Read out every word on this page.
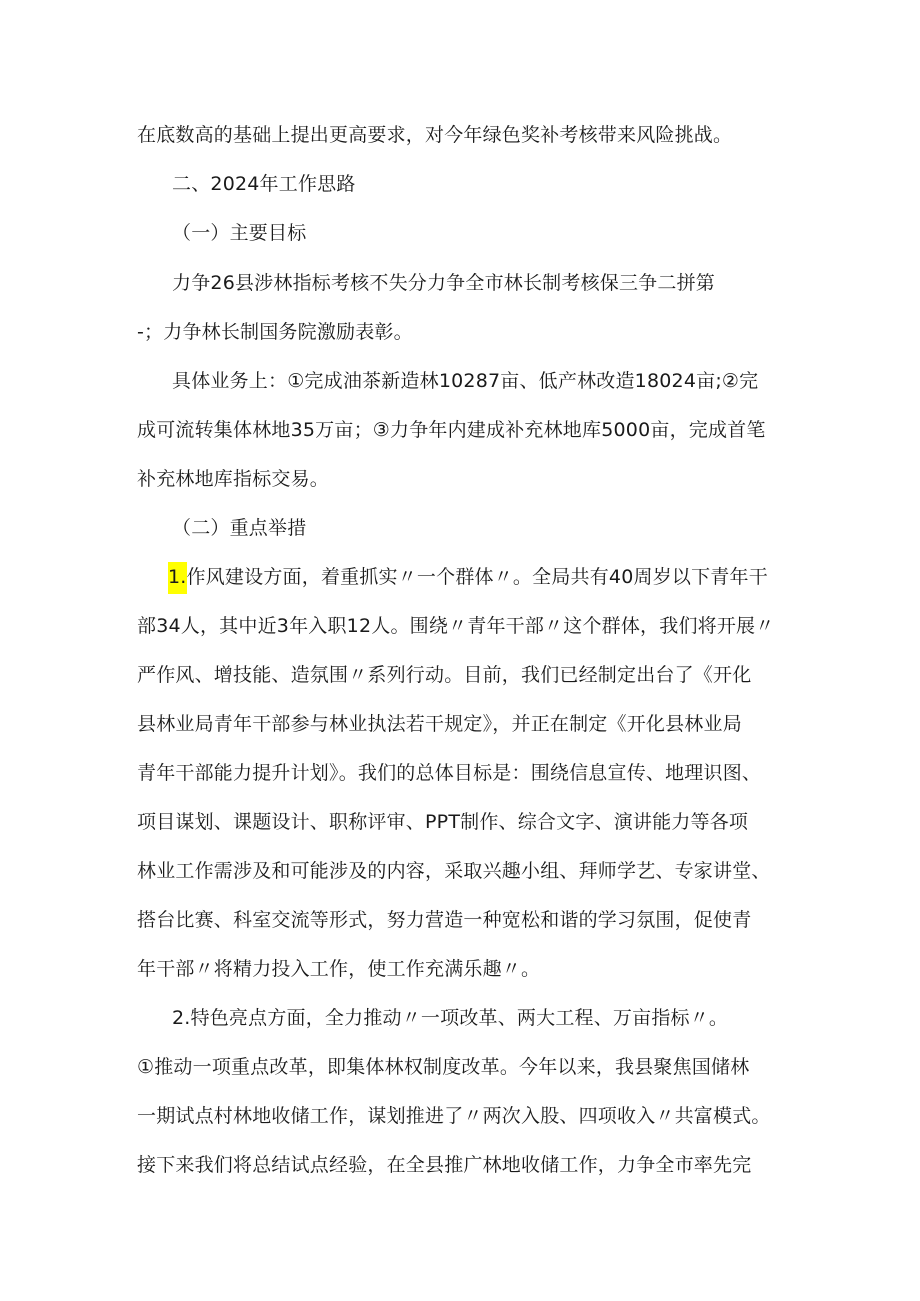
在底数高的基础上提出更高要求，对今年绿色奖补考核带来风险挑战。
二、2024年工作思路
（一）主要目标
力争26县涉林指标考核不失分力争全市林长制考核保三争二拼第
-；力争林长制国务院激励表彰。
具体业务上：①完成油茶新造林10287亩、低产林改造18024亩;②完
成可流转集体林地35万亩；③力争年内建成补充林地库5000亩，完成首笔
补充林地库指标交易。
（二）重点举措
1.作风建设方面，着重抓实〃一个群体〃。全局共有40周岁以下青年干
部34人，其中近3年入职12人。围绕〃青年干部〃这个群体，我们将开展〃
严作风、增技能、造氛围〃系列行动。目前，我们已经制定出台了《开化
县林业局青年干部参与林业执法若干规定》，并正在制定《开化县林业局
青年干部能力提升计划》。我们的总体目标是：围绕信息宣传、地理识图、
项目谋划、课题设计、职称评审、PPT制作、综合文字、演讲能力等各项
林业工作需涉及和可能涉及的内容，采取兴趣小组、拜师学艺、专家讲堂、
搭台比赛、科室交流等形式，努力营造一种宽松和谐的学习氛围，促使青
年干部〃将精力投入工作，使工作充满乐趣〃。
2.特色亮点方面，全力推动〃一项改革、两大工程、万亩指标〃。
①推动一项重点改革，即集体林权制度改革。今年以来，我县聚焦国储林
一期试点村林地收储工作，谋划推进了〃两次入股、四项收入〃共富模式。
接下来我们将总结试点经验，在全县推广林地收储工作，力争全市率先完
